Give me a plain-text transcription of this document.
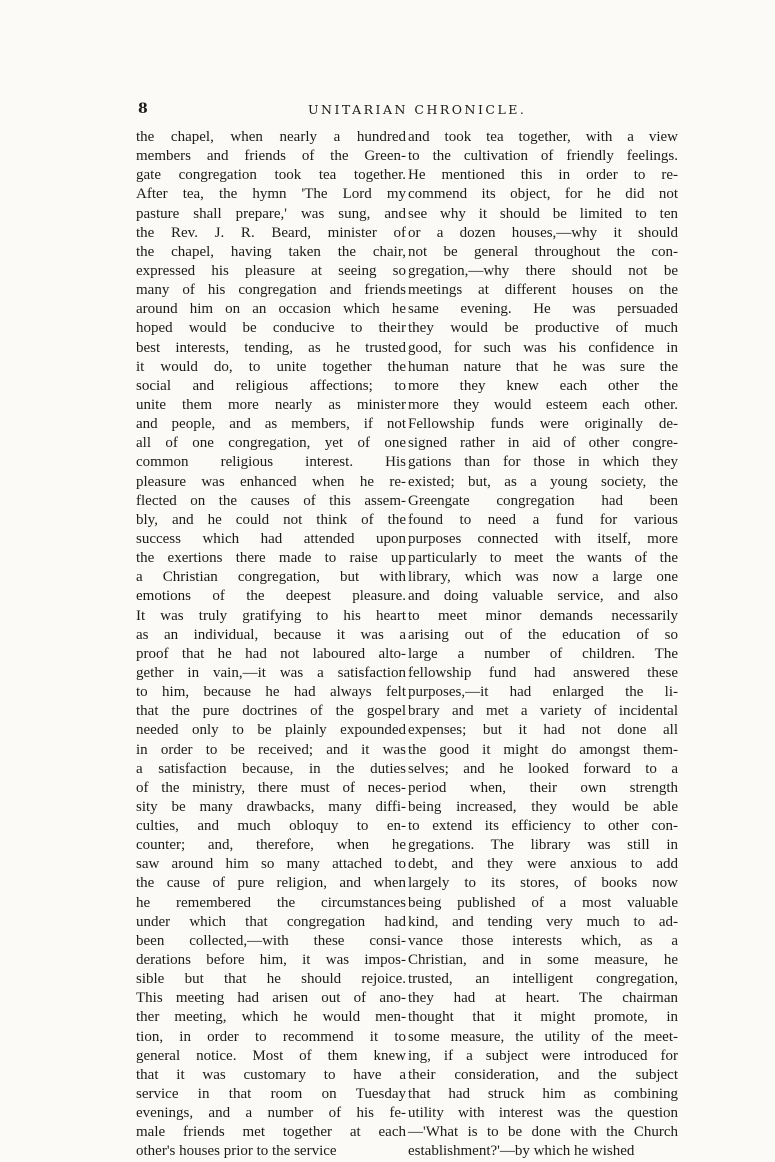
8	UNITARIAN CHRONICLE.
the chapel, when nearly a hundred
members and friends of the Green-
gate congregation took tea together.
After tea, the hymn 'The Lord my
pasture shall prepare,' was sung, and
the Rev. J. R. Beard, minister of
the chapel, having taken the chair,
expressed his pleasure at seeing so
many of his congregation and friends
around him on an occasion which he
hoped would be conducive to their
best interests, tending, as he trusted
it would do, to unite together the
social and religious affections; to
unite them more nearly as minister
and people, and as members, if not
all of one congregation, yet of one
common religious interest. His
pleasure was enhanced when he re-
flected on the causes of this assem-
bly, and he could not think of the
success which had attended upon
the exertions there made to raise up
a Christian congregation, but with
emotions of the deepest pleasure.
It was truly gratifying to his heart
as an individual, because it was a
proof that he had not laboured alto-
gether in vain,—it was a satisfaction
to him, because he had always felt
that the pure doctrines of the gospel
needed only to be plainly expounded
in order to be received; and it was
a satisfaction because, in the duties
of the ministry, there must of neces-
sity be many drawbacks, many diffi-
culties, and much obloquy to en-
counter; and, therefore, when he
saw around him so many attached to
the cause of pure religion, and when
he remembered the circumstances
under which that congregation had
been collected,—with these consi-
derations before him, it was impos-
sible but that he should rejoice.
This meeting had arisen out of ano-
ther meeting, which he would men-
tion, in order to recommend it to
general notice. Most of them knew
that it was customary to have a
service in that room on Tuesday
evenings, and a number of his fe-
male friends met together at each
other's houses prior to the service
and took tea together, with a view
to the cultivation of friendly feelings.
He mentioned this in order to re-
commend its object, for he did not
see why it should be limited to ten
or a dozen houses,—why it should
not be general throughout the con-
gregation,—why there should not be
meetings at different houses on the
same evening. He was persuaded
they would be productive of much
good, for such was his confidence in
human nature that he was sure the
more they knew each other the
more they would esteem each other.
Fellowship funds were originally de-
signed rather in aid of other congre-
gations than for those in which they
existed; but, as a young society, the
Greengate congregation had been
found to need a fund for various
purposes connected with itself, more
particularly to meet the wants of the
library, which was now a large one
and doing valuable service, and also
to meet minor demands necessarily
arising out of the education of so
large a number of children. The
fellowship fund had answered these
purposes,—it had enlarged the li-
brary and met a variety of incidental
expenses; but it had not done all
the good it might do amongst them-
selves; and he looked forward to a
period when, their own strength
being increased, they would be able
to extend its efficiency to other con-
gregations. The library was still in
debt, and they were anxious to add
largely to its stores, of books now
being published of a most valuable
kind, and tending very much to ad-
vance those interests which, as a
Christian, and in some measure, he
trusted, an intelligent congregation,
they had at heart. The chairman
thought that it might promote, in
some measure, the utility of the meet-
ing, if a subject were introduced for
their consideration, and the subject
that had struck him as combining
utility with interest was the question
—'What is to be done with the Church
establishment?'—by which he wished
